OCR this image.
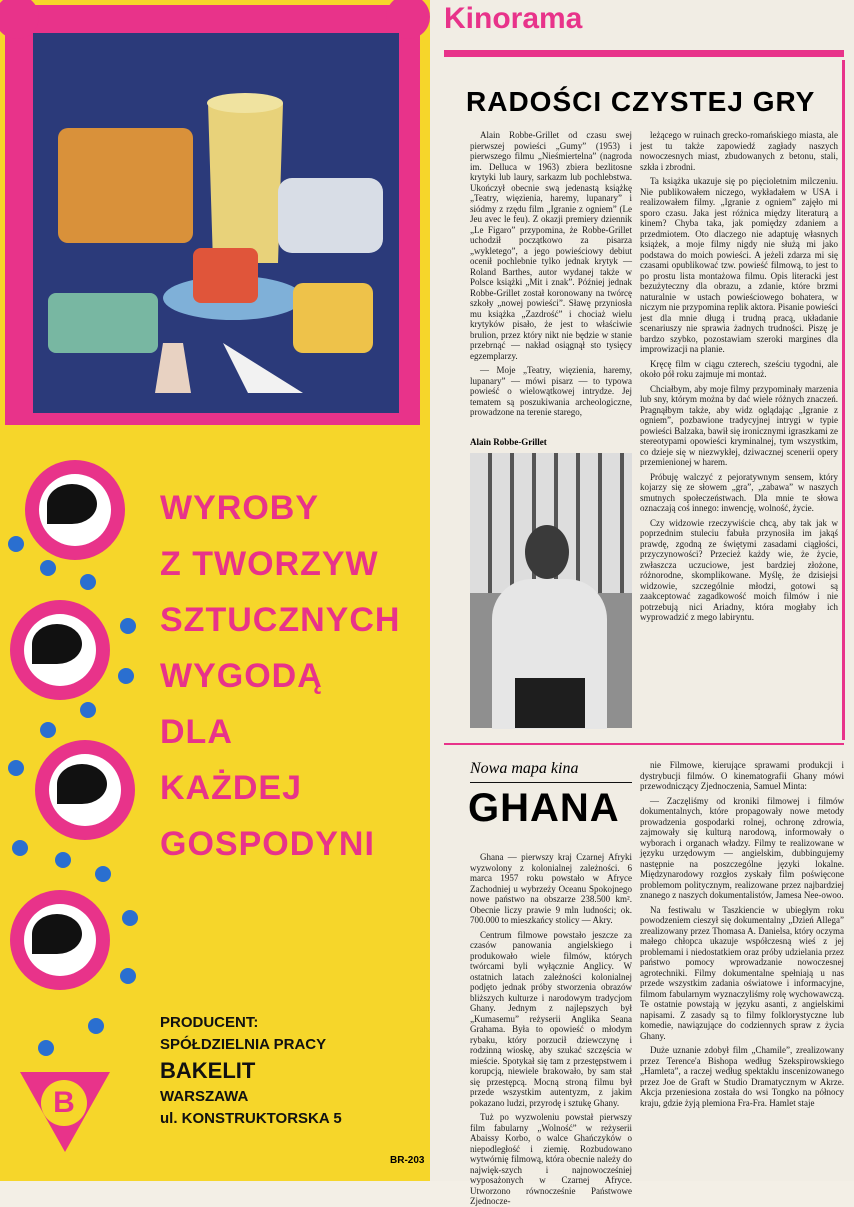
WYROBY
Z TWORZYW
SZTUCZNYCH
WYGODĄ
DLA
KAŻDEJ
GOSPODYNI
PRODUCENT:
SPÓŁDZIELNIA PRACY
BAKELIT
WARSZAWA
ul. KONSTRUKTORSKA 5
B
BR-203
Kinorama
RADOŚCI CZYSTEJ GRY

Alain Robbe-Grillet od czasu swej pierwszej powieści „Gumy” (1953) i pierwszego filmu „Nieśmiertelna” (nagroda im. Delluca w 1963) zbiera bezlitosne krytyki lub laury, sarkazm lub pochlebstwa. Ukończył obecnie swą jedenastą książkę „Teatry, więzienia, haremy, lupanary” i siódmy z rzędu film „Igranie z ogniem” (Le Jeu avec le feu). Z okazji premiery dziennik „Le Figaro” przypomina, że Robbe-Grillet uchodził początkowo za pisarza „wykletego”, a jego powieściowy debiut ocenił pochlebnie tylko jednak krytyk — Roland Barthes, autor wydanej także w Polsce książki „Mit i znak”. Później jednak Robbe-Grillet został koronowany na twórcę szkoły „nowej powieści”. Sławę przyniosła mu książka „Zazdrość” i chociaż wielu krytyków pisało, że jest to właściwie brulion, przez który nikt nie będzie w stanie przebrnąć — nakład osiągnął sto tysięcy egzemplarzy.

— Moje „Teatry, więzienia, haremy, lupanary” — mówi pisarz — to typowa powieść o wielowątkowej intrydze. Jej tematem są poszukiwania archeologiczne, prowadzone na terenie starego,

Alain Robbe-Grillet

leżącego w ruinach grecko-romańskiego miasta, ale jest tu także zapowiedź zagłady naszych nowoczesnych miast, zbudowanych z betonu, stali, szkła i zbrodni.

Ta książka ukazuje się po pięcioletnim milczeniu. Nie publikowałem niczego, wykładałem w USA i realizowałem filmy. „Igranie z ogniem” zajęło mi sporo czasu. Jaka jest różnica między literaturą a kinem? Chyba taka, jak pomiędzy zdaniem a przedmiotem. Oto dlaczego nie adaptuję własnych książek, a moje filmy nigdy nie służą mi jako podstawa do moich powieści. A jeżeli zdarza mi się czasami opublikować tzw. powieść filmową, to jest to po prostu lista montażowa filmu. Opis literacki jest bezużyteczny dla obrazu, a zdanie, które brzmi naturalnie w ustach powieściowego bohatera, w niczym nie przypomina replik aktora. Pisanie powieści jest dla mnie długą i trudną pracą, układanie scenariuszy nie sprawia żadnych trudności. Piszę je bardzo szybko, pozostawiam szeroki margines dla improwizacji na planie.

Kręcę film w ciągu czterech, sześciu tygodni, ale około pół roku zajmuje mi montaż.

Chciałbym, aby moje filmy przypominały marzenia lub sny, którym można by dać wiele różnych znaczeń. Pragnąłbym także, aby widz oglądając „Igranie z ogniem”, pozbawione tradycyjnej intrygi w typie powieści Balzaka, bawił się ironicznymi igraszkami ze stereotypami opowieści kryminalnej, tym wszystkim, co dzieje się w niezwykłej, dziwacznej scenerii opery przemienionej w harem.

Próbuję walczyć z pejoratywnym sensem, który kojarzy się ze słowem „gra”, „zabawa” w naszych smutnych społeczeństwach. Dla mnie te słowa oznaczają coś innego: inwencję, wolność, życie.

Czy widzowie rzeczywiście chcą, aby tak jak w poprzednim stuleciu fabuła przynosiła im jakąś prawdę, zgodną ze świętymi zasadami ciągłości, przyczynowości? Przecież każdy wie, że życie, zwłaszcza uczuciowe, jest bardziej złożone, różnorodne, skomplikowane. Myślę, że dzisiejsi widzowie, szczególnie młodzi, gotowi są zaakceptować zagadkowość moich filmów i nie potrzebują nici Ariadny, która mogłaby ich wyprowadzić z mego labiryntu.

Nowa mapa kina
GHANA

Ghana — pierwszy kraj Czarnej Afryki wyzwolony z kolonialnej zależności. 6 marca 1957 roku powstało w Afryce Zachodniej u wybrzeży Oceanu Spokojnego nowe państwo na obszarze 238.500 km². Obecnie liczy prawie 9 mln ludności; ok. 700.000 to mieszkańcy stolicy — Akry.

Centrum filmowe powstało jeszcze za czasów panowania angielskiego i produkowało wiele filmów, których twórcami byli wyłącznie Anglicy. W ostatnich latach zależności kolonialnej podjęto jednak próby stworzenia obrazów bliższych kulturze i narodowym tradycjom Ghany. Jednym z najlepszych był „Kumasemu” reżyserii Anglika Seana Grahama. Była to opowieść o młodym rybaku, który porzucił dziewczynę i rodzinną wioskę, aby szukać szczęścia w mieście. Spotykał się tam z przestępstwem i korupcją, niewiele brakowało, by sam stał się przestępcą. Mocną stroną filmu był przede wszystkim autentyzm, z jakim pokazano ludzi, przyrodę i sztukę Ghany.

Tuż po wyzwoleniu powstał pierwszy film fabularny „Wolność” w reżyserii Abaissy Korbo, o walce Ghańczyków o niepodległość i ziemię. Rozbudowano wytwórnię filmową, która obecnie należy do najwięk-szych i najnowocześniej wyposażonych w Czarnej Afryce. Utworzono równocześnie Państwowe Zjednocze-

nie Filmowe, kierujące sprawami produkcji i dystrybucji filmów. O kinematografii Ghany mówi przewodniczący Zjednoczenia, Samuel Minta:

— Zaczęliśmy od kroniki filmowej i filmów dokumentalnych, które propagowały nowe metody prowadzenia gospodarki rolnej, ochronę zdrowia, zajmowały się kulturą narodową, informowały o wyborach i organach władzy. Filmy te realizowane w języku urzędowym — angielskim, dubbingujemy następnie na poszczególne języki lokalne. Międzynarodowy rozgłos zyskały film poświęcone problemom politycznym, realizowane przez najbardziej znanego z naszych dokumentalistów, Jamesa Nee-owoo.

Na festiwalu w Taszkiencie w ubiegłym roku powodzeniem cieszył się dokumentalny „Dzień Allega” zrealizowany przez Thomasa A. Danielsa, który oczyma małego chłopca ukazuje współczesną wieś z jej problemami i niedostatkiem oraz próby udzielania przez państwo pomocy wprowadzanie nowoczesnej agrotechniki. Filmy dokumentalne spełniają u nas przede wszystkim zadania oświatowe i informacyjne, filmom fabularnym wyznaczyliśmy rolę wychowawczą. Te ostatnie powstają w języku asanti, z angielskimi napisami. Z zasady są to filmy folklorystyczne lub komedie, nawiązujące do codziennych spraw z życia Ghany.

Duże uznanie zdobył film „Chamile”, zrealizowany przez Terence'a Bishopa według Szekspirowskiego „Hamleta”, a raczej według spektaklu inscenizowanego przez Joe de Graft w Studio Dramatycznym w Akrze. Akcja przeniesiona została do wsi Tongko na północy kraju, gdzie żyją plemiona Fra-Fra. Hamlet staje
